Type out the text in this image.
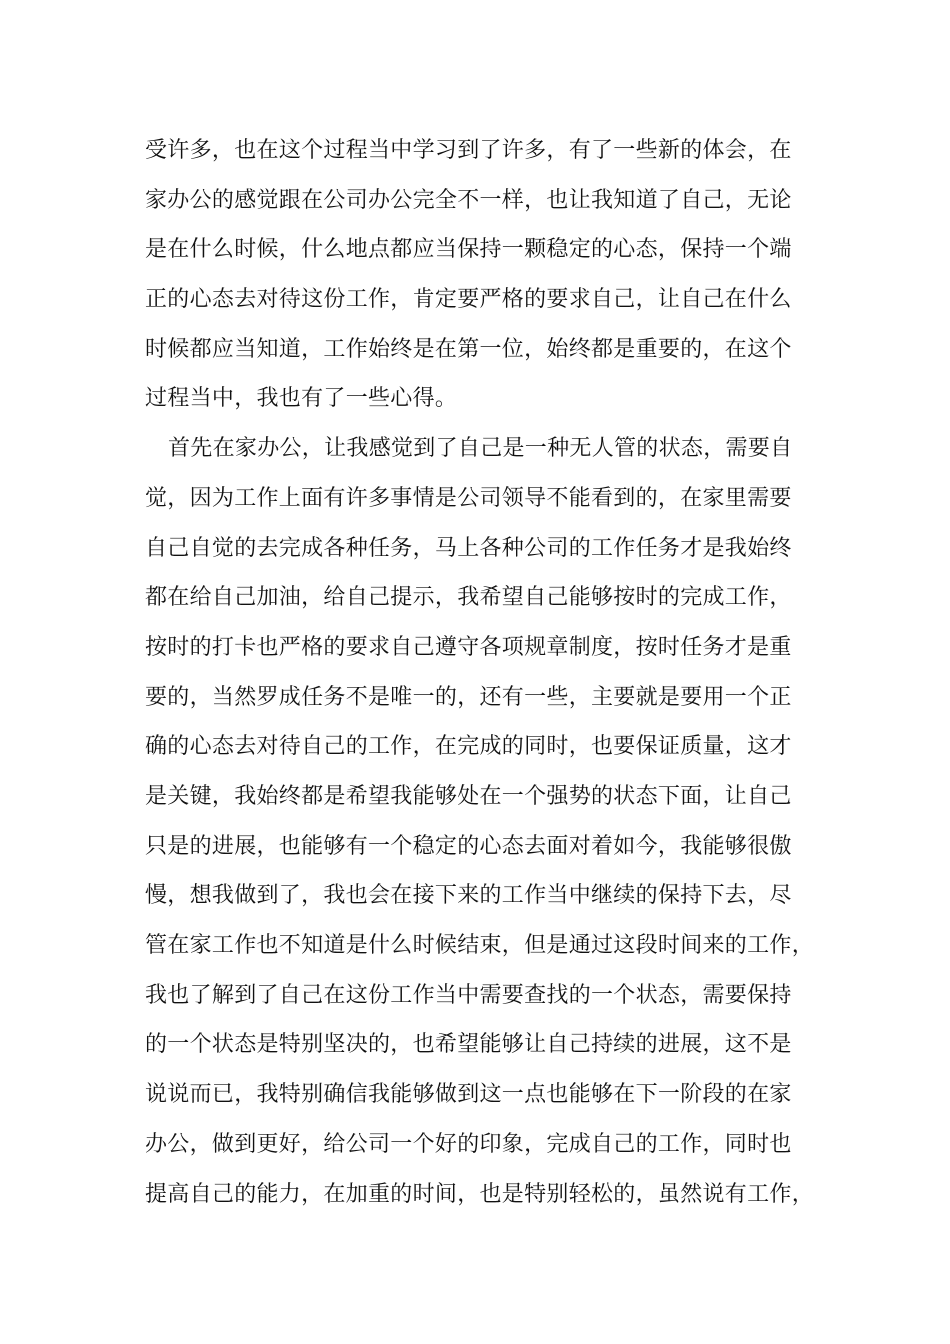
受许多，也在这个过程当中学习到了许多，有了一些新的体会，在
家办公的感觉跟在公司办公完全不一样，也让我知道了自己，无论
是在什么时候，什么地点都应当保持一颗稳定的心态，保持一个端
正的心态去对待这份工作，肯定要严格的要求自己，让自己在什么
时候都应当知道，工作始终是在第一位，始终都是重要的，在这个
过程当中，我也有了一些心得。
首先在家办公，让我感觉到了自己是一种无人管的状态，需要自
觉，因为工作上面有许多事情是公司领导不能看到的，在家里需要
自己自觉的去完成各种任务，马上各种公司的工作任务才是我始终
都在给自己加油，给自己提示，我希望自己能够按时的完成工作，
按时的打卡也严格的要求自己遵守各项规章制度，按时任务才是重
要的，当然罗成任务不是唯一的，还有一些，主要就是要用一个正
确的心态去对待自己的工作，在完成的同时，也要保证质量，这才
是关键，我始终都是希望我能够处在一个强势的状态下面，让自己
只是的进展，也能够有一个稳定的心态去面对着如今，我能够很傲
慢，想我做到了，我也会在接下来的工作当中继续的保持下去，尽
管在家工作也不知道是什么时候结束，但是通过这段时间来的工作，
我也了解到了自己在这份工作当中需要查找的一个状态，需要保持
的一个状态是特别坚决的，也希望能够让自己持续的进展，这不是
说说而已，我特别确信我能够做到这一点也能够在下一阶段的在家
办公，做到更好，给公司一个好的印象，完成自己的工作，同时也
提高自己的能力，在加重的时间，也是特别轻松的，虽然说有工作，
